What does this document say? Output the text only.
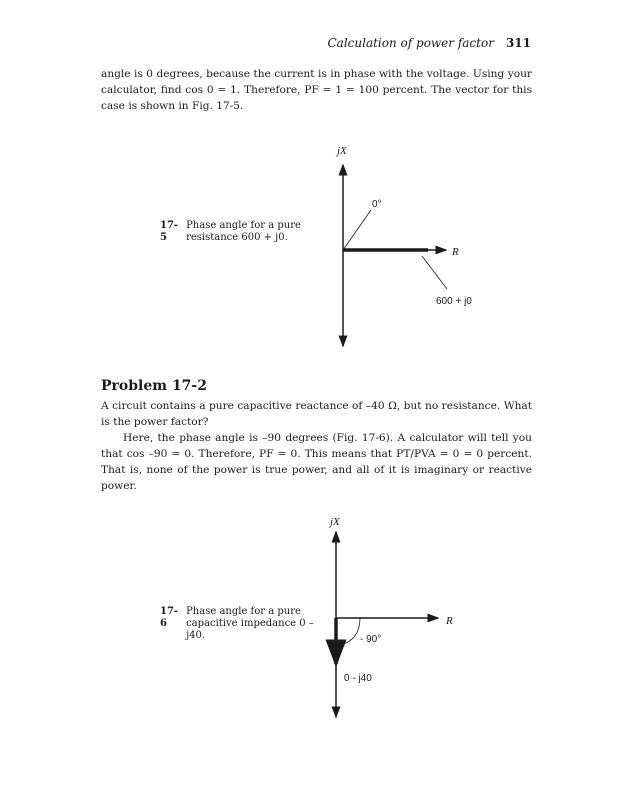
Calculation of power factor 311

angle is 0 degrees, because the current is in phase with the voltage. Using your calculator, find cos 0 = 1. Therefore, PF = 1 = 100 percent. The vector for this case is shown in Fig. 17-5.

17-5
Phase angle for a pure resistance 600 + j0.
Problem 17-2

A circuit contains a pure capacitive reactance of –40 Ω, but no resistance. What is the power factor?

Here, the phase angle is –90 degrees (Fig. 17-6). A calculator will tell you that cos –90 = 0. Therefore, PF = 0. This means that PT/PVA = 0 = 0 percent. That is, none of the power is true power, and all of it is imaginary or reactive power.

17-6
Phase angle for a pure capacitive impedance 0 – j40.
jX
R
0°
600 + j0
jX
R
- 90°
0 - j40
